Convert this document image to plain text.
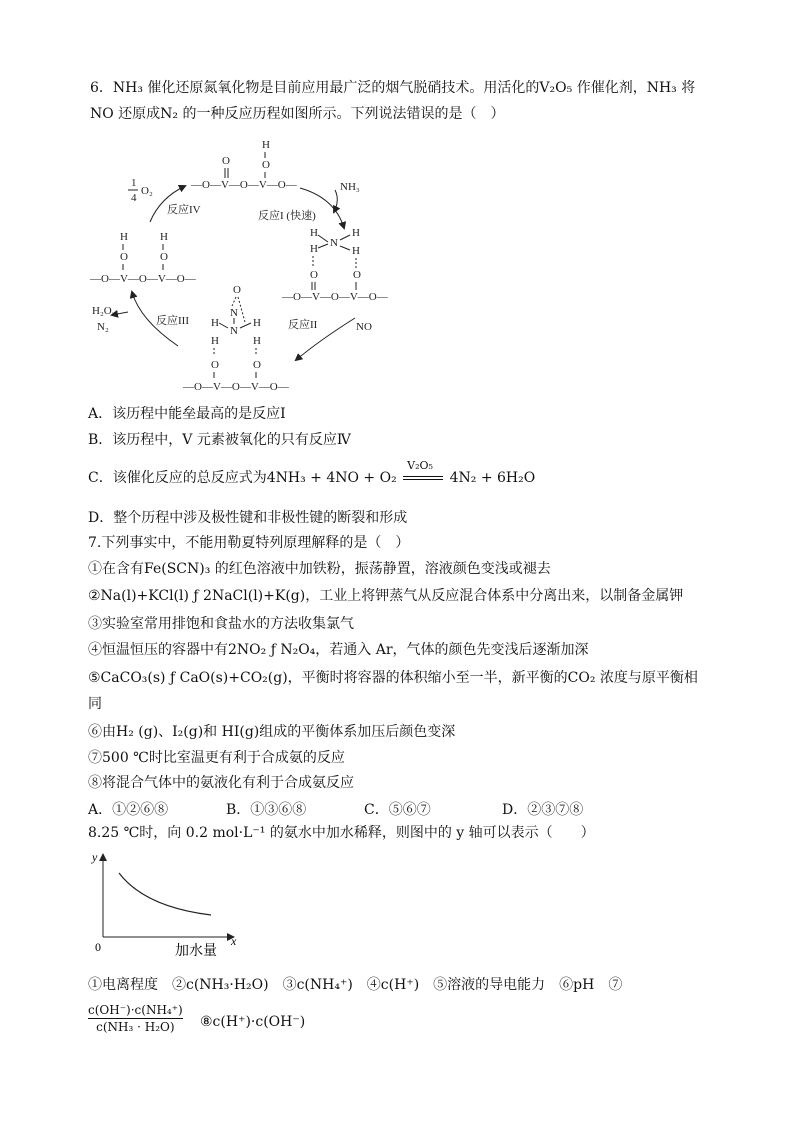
6．NH₃ 催化还原氮氧化物是目前应用最广泛的烟气脱硝技术。用活化的V₂O₅ 作催化剂，NH₃ 将
NO 还原成N₂ 的一种反应历程如图所示。下列说法错误的是（　）
—O—V—O—V—O—
O
H
O
H
H N
H
H
O	O
—O—V—O—V—O—
H
O
H
O
—O—V—O—V—O—
O
N
N
H	H
H	H
O	O
—O—V—O—V—O—
1
4
O₂
反应IV
NH₃
反应I (快速)
NO
反应II
H₂O、
N₂	反应III
A．该历程中能垒最高的是反应I
B．该历程中，V 元素被氧化的只有反应Ⅳ
C．该催化反应的总反应式为4NH₃ + 4NO + O₂
V₂O₅
4N₂ + 6H₂O
D．整个历程中涉及极性键和非极性键的断裂和形成
7.下列事实中，不能用勒夏特列原理解释的是（　）
①在含有Fe(SCN)₃ 的红色溶液中加铁粉，振荡静置，溶液颜色变浅或褪去
②Na(l)+KCl(l) ƒ 2NaCl(l)+K(g)，工业上将钾蒸气从反应混合体系中分离出来，以制备金属钾
③实验室常用排饱和食盐水的方法收集氯气
④恒温恒压的容器中有2NO₂ ƒ N₂O₄，若通入 Ar，气体的颜色先变浅后逐渐加深
⑤CaCO₃(s) ƒ CaO(s)+CO₂(g)，平衡时将容器的体积缩小至一半，新平衡的CO₂ 浓度与原平衡相
同
⑥由H₂ (g)、I₂(g)和 HI(g)组成的平衡体系加压后颜色变深
⑦500 ℃时比室温更有利于合成氨的反应
⑧将混合气体中的氨液化有利于合成氨反应
A．①②⑥⑧	B．①③⑥⑧	C．⑤⑥⑦	D．②③⑦⑧
8.25 ℃时，向 0.2 mol·L⁻¹ 的氨水中加水稀释，则图中的 y 轴可以表示（　　）
y
x
0	加水量
①电离程度　②c(NH₃·H₂O)　③c(NH₄⁺)　④c(H⁺)　⑤溶液的导电能力　⑥pH　⑦
$\frac{\text{c(OH⁻)·c(NH₄⁺)}}{\text{c(NH₃ · H₂O)}}$ ⑧c(H⁺)·c(OH⁻)
